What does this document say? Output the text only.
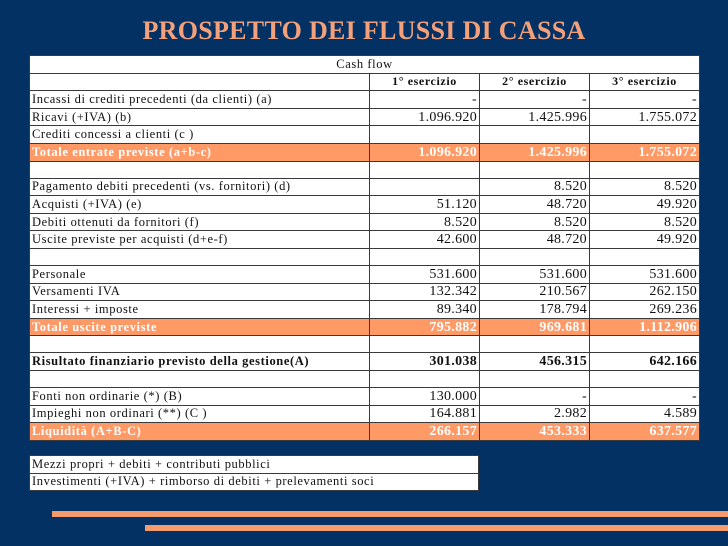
PROSPETTO DEI FLUSSI DI CASSA
Cash flow			
	1° esercizio	2° esercizio	3° esercizio
Incassi di crediti precedenti (da clienti) (a)	-	-	-
Ricavi (+IVA) (b)	1.096.920	1.425.996	1.755.072
Crediti concessi a clienti (c )			
Totale entrate previste (a+b-c)	1.096.920	1.425.996	1.755.072

Pagamento debiti precedenti (vs. fornitori) (d)		8.520	8.520
Acquisti (+IVA) (e)	51.120	48.720	49.920
Debiti ottenuti da fornitori (f)	8.520	8.520	8.520
Uscite previste per acquisti (d+e-f)	42.600	48.720	49.920

Personale	531.600	531.600	531.600
Versamenti IVA	132.342	210.567	262.150
Interessi + imposte	89.340	178.794	269.236
Totale uscite previste	795.882	969.681	1.112.906

Risultato finanziario previsto della gestione(A)	301.038	456.315	642.166

Fonti non ordinarie (*) (B)	130.000	-	-
Impieghi non ordinari (**) (C )	164.881	2.982	4.589
Liquidità (A+B-C)	266.157	453.333	637.577
Mezzi propri + debiti + contributi pubblici
Investimenti (+IVA) + rimborso di debiti + prelevamenti soci
